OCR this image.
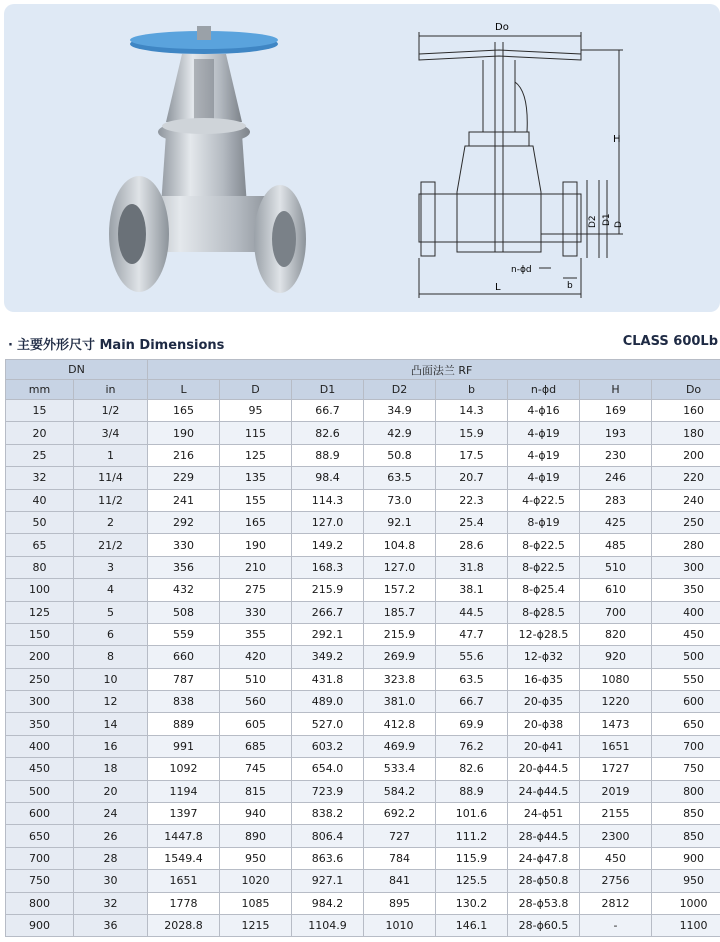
Do
H
D2 D1 D
n-ϕd
b
L
· 主要外形尺寸 Main Dimensions	CLASS 600Lb
DN		凸面法兰 RF							
mm	in	L	D	D1	D2	b	n-ϕd	H	Do
15	1/2	165	95	66.7	34.9	14.3	4-ϕ16	169	160
20	3/4	190	115	82.6	42.9	15.9	4-ϕ19	193	180
25	1	216	125	88.9	50.8	17.5	4-ϕ19	230	200
32	11/4	229	135	98.4	63.5	20.7	4-ϕ19	246	220
40	11/2	241	155	114.3	73.0	22.3	4-ϕ22.5	283	240
50	2	292	165	127.0	92.1	25.4	8-ϕ19	425	250
65	21/2	330	190	149.2	104.8	28.6	8-ϕ22.5	485	280
80	3	356	210	168.3	127.0	31.8	8-ϕ22.5	510	300
100	4	432	275	215.9	157.2	38.1	8-ϕ25.4	610	350
125	5	508	330	266.7	185.7	44.5	8-ϕ28.5	700	400
150	6	559	355	292.1	215.9	47.7	12-ϕ28.5	820	450
200	8	660	420	349.2	269.9	55.6	12-ϕ32	920	500
250	10	787	510	431.8	323.8	63.5	16-ϕ35	1080	550
300	12	838	560	489.0	381.0	66.7	20-ϕ35	1220	600
350	14	889	605	527.0	412.8	69.9	20-ϕ38	1473	650
400	16	991	685	603.2	469.9	76.2	20-ϕ41	1651	700
450	18	1092	745	654.0	533.4	82.6	20-ϕ44.5	1727	750
500	20	1194	815	723.9	584.2	88.9	24-ϕ44.5	2019	800
600	24	1397	940	838.2	692.2	101.6	24-ϕ51	2155	850
650	26	1447.8	890	806.4	727	111.2	28-ϕ44.5	2300	850
700	28	1549.4	950	863.6	784	115.9	24-ϕ47.8	450	900
750	30	1651	1020	927.1	841	125.5	28-ϕ50.8	2756	950
800	32	1778	1085	984.2	895	130.2	28-ϕ53.8	2812	1000
900	36	2028.8	1215	1104.9	1010	146.1	28-ϕ60.5	-	1100
